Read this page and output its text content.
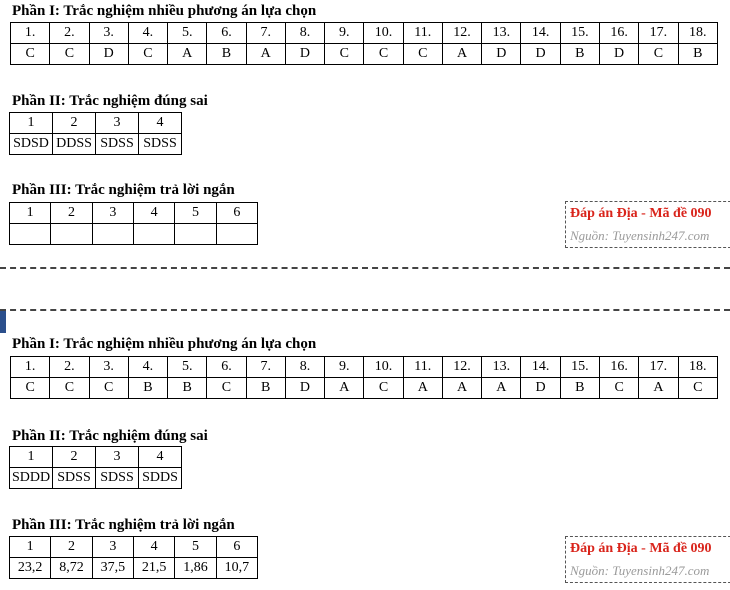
Phần I: Trắc nghiệm nhiều phương án lựa chọn
1.	2.	3.	4.	5.	6.	7.	8.	9.	10.	11.	12.	13.	14.	15.	16.	17.	18.
C	C	D	C	A	B	A	D	C	C	C	A	D	D	B	D	C	B
Phần II: Trắc nghiệm đúng sai
1	2	3	4
SDSD	DDSS	SDSS	SDSS
Phần III: Trắc nghiệm trả lời ngắn
1	2	3	4	5	6
						Đáp án Địa - Mã đề 090
Nguồn: Tuyensinh247.com
Phần I: Trắc nghiệm nhiều phương án lựa chọn
1.	2.	3.	4.	5.	6.	7.	8.	9.	10.	11.	12.	13.	14.	15.	16.	17.	18.
C	C	C	B	B	C	B	D	A	C	A	A	A	D	B	C	A	C
Phần II: Trắc nghiệm đúng sai
1	2	3	4
SDDD	SDSS	SDSS	SDDS
Phần III: Trắc nghiệm trả lời ngắn
1	2	3	4	5	6
23,2	8,72	37,5	21,5	1,86	10,7
Đáp án Địa - Mã đề 090
Nguồn: Tuyensinh247.com
